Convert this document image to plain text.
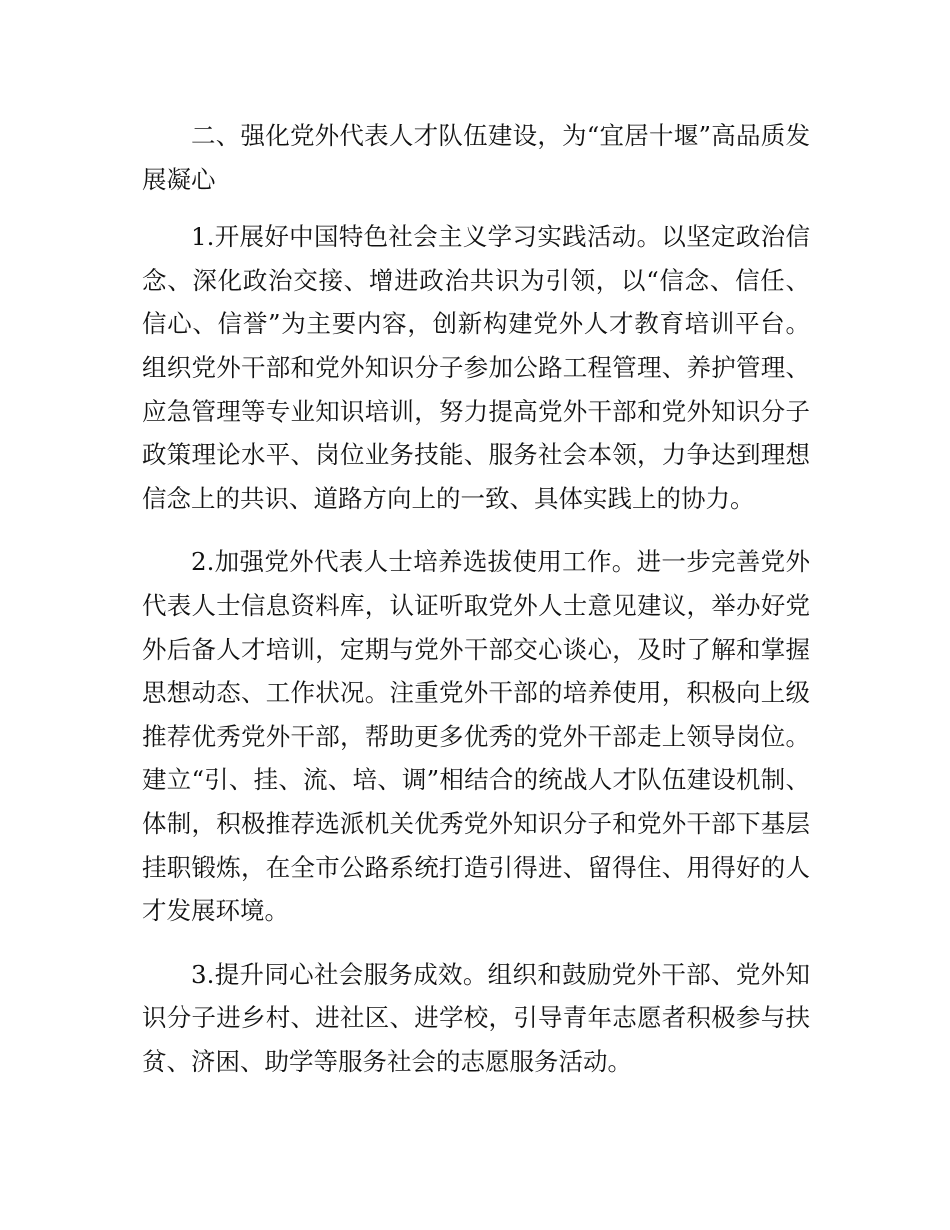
二、强化党外代表人才队伍建设，为“宜居十堰”高品质发展凝心

1.开展好中国特色社会主义学习实践活动。以坚定政治信念、深化政治交接、增进政治共识为引领，以“信念、信任、信心、信誉”为主要内容，创新构建党外人才教育培训平台。组织党外干部和党外知识分子参加公路工程管理、养护管理、应急管理等专业知识培训，努力提高党外干部和党外知识分子政策理论水平、岗位业务技能、服务社会本领，力争达到理想信念上的共识、道路方向上的一致、具体实践上的协力。

2.加强党外代表人士培养选拔使用工作。进一步完善党外代表人士信息资料库，认证听取党外人士意见建议，举办好党外后备人才培训，定期与党外干部交心谈心，及时了解和掌握思想动态、工作状况。注重党外干部的培养使用，积极向上级推荐优秀党外干部，帮助更多优秀的党外干部走上领导岗位。建立“引、挂、流、培、调”相结合的统战人才队伍建设机制、体制，积极推荐选派机关优秀党外知识分子和党外干部下基层挂职锻炼，在全市公路系统打造引得进、留得住、用得好的人才发展环境。

3.提升同心社会服务成效。组织和鼓励党外干部、党外知识分子进乡村、进社区、进学校，引导青年志愿者积极参与扶贫、济困、助学等服务社会的志愿服务活动。
